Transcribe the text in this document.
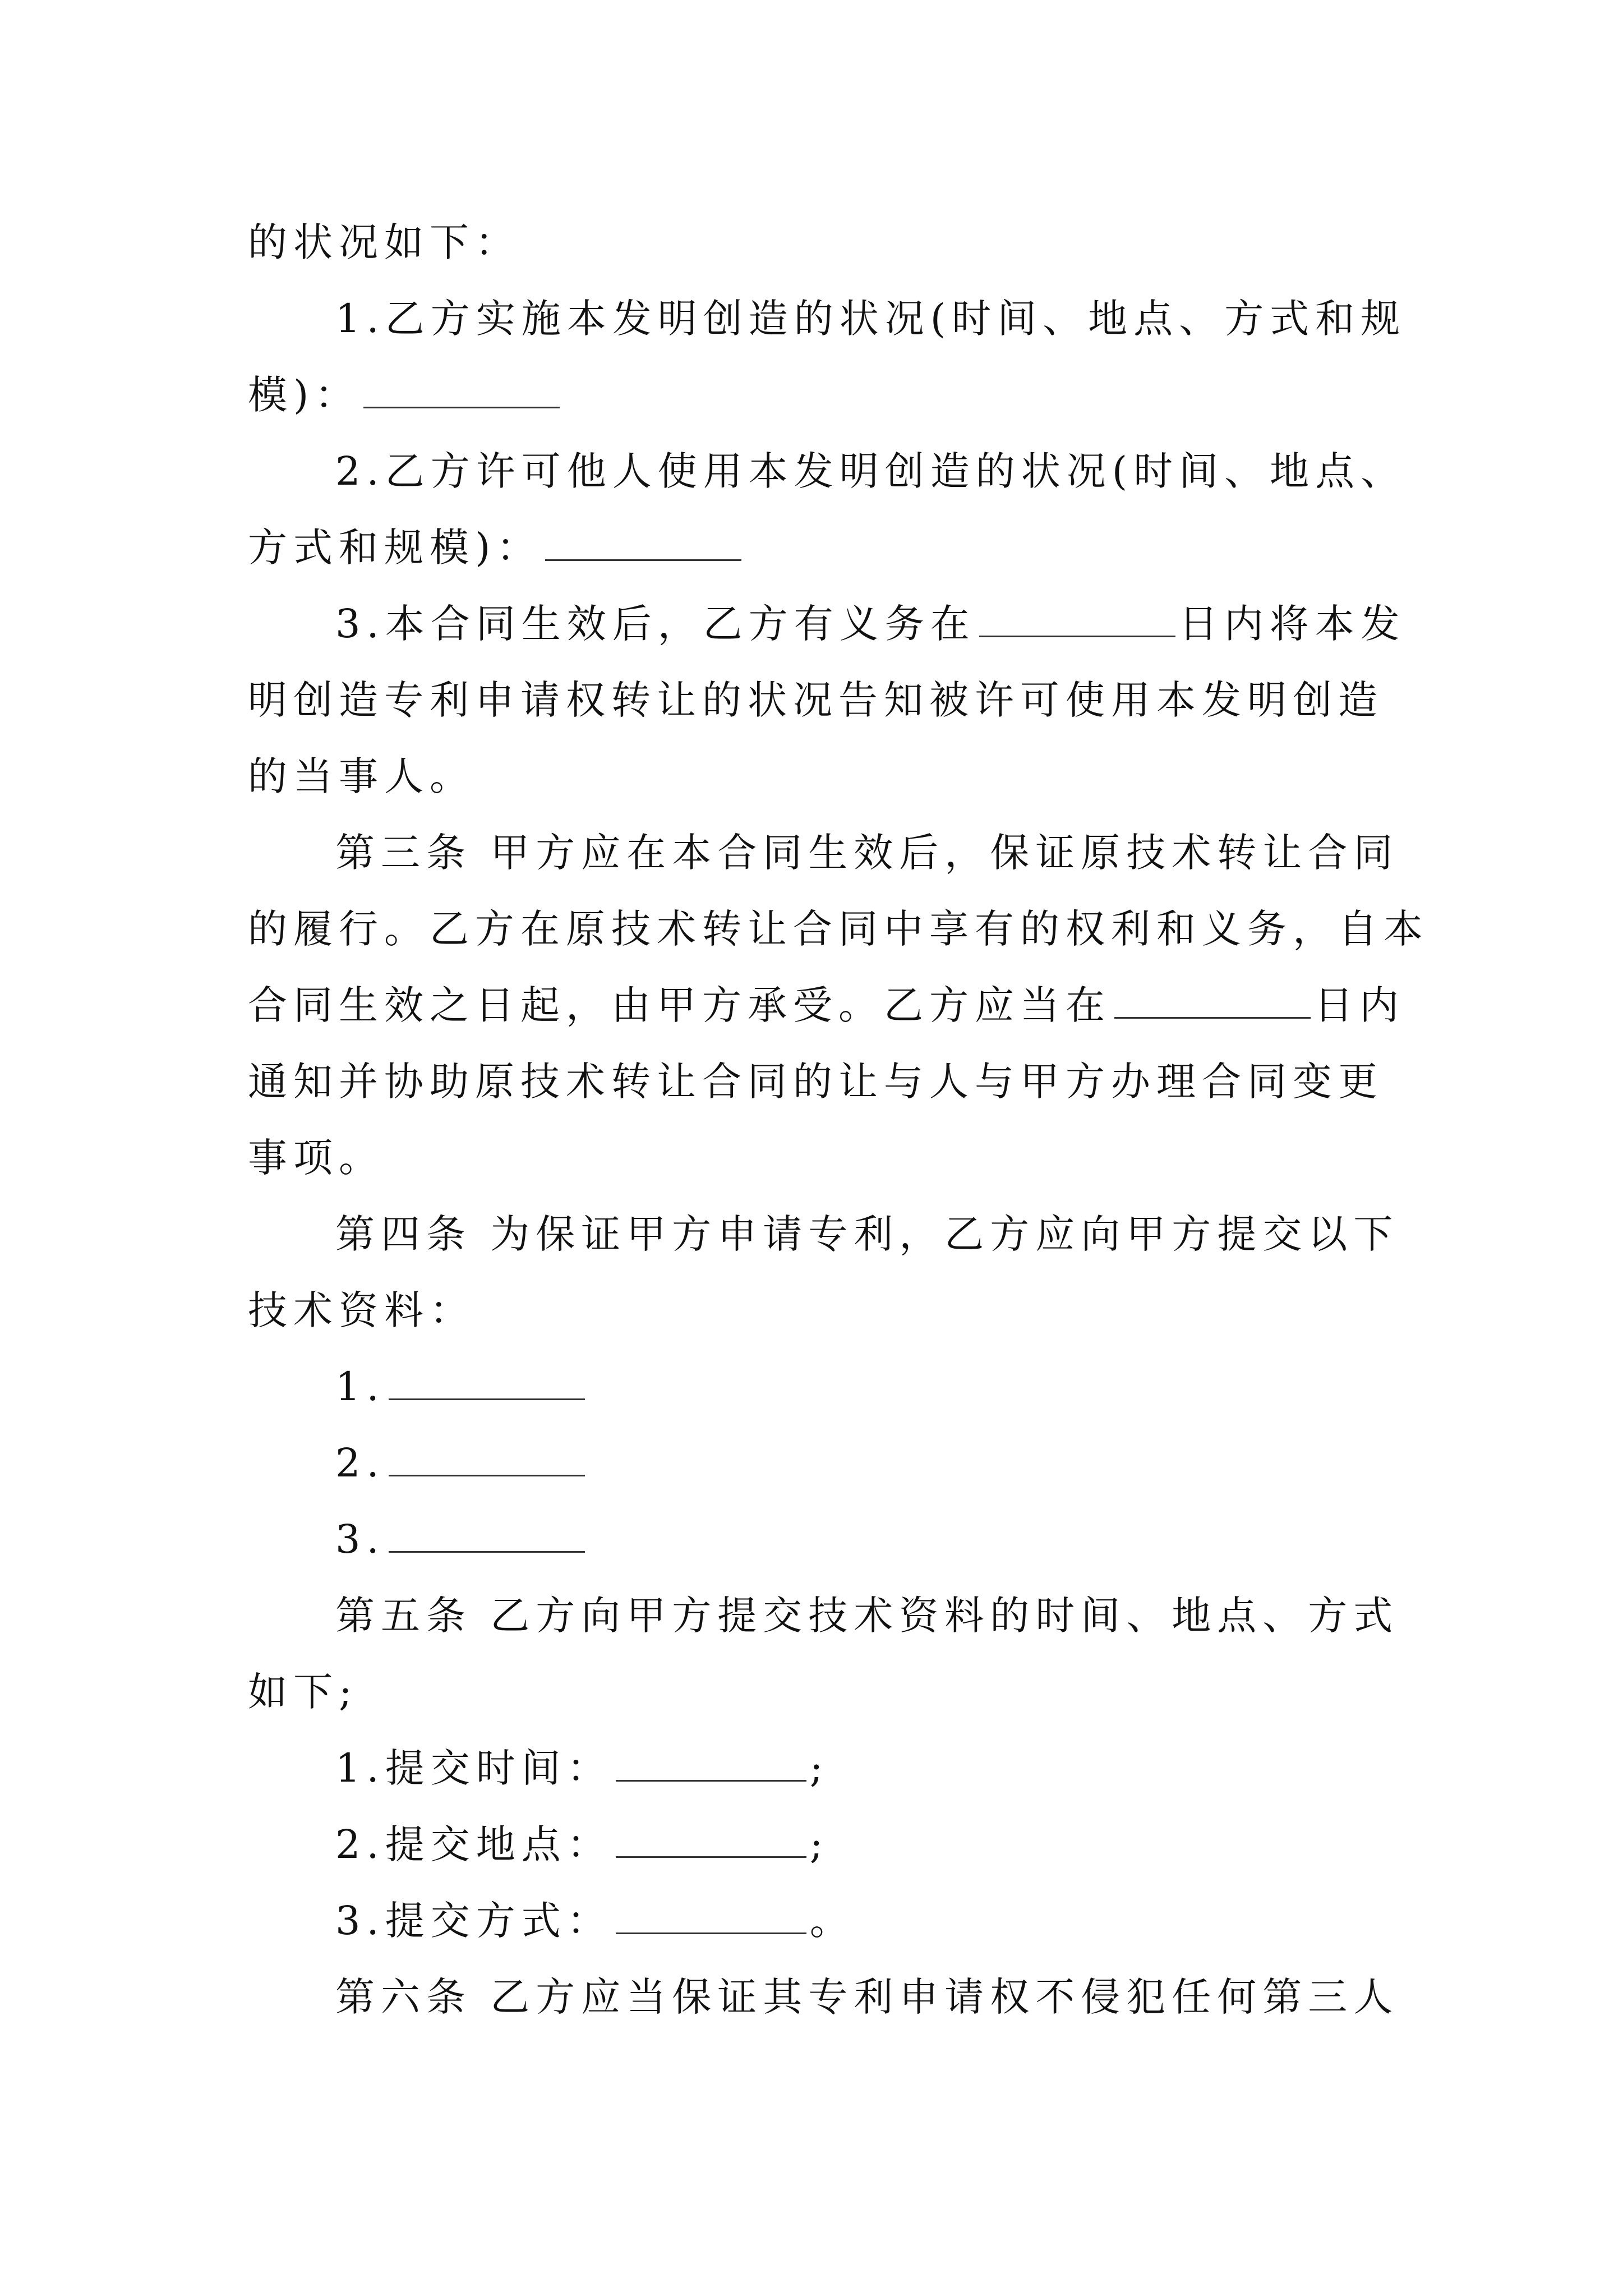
的状况如下：
1.乙方实施本发明创造的状况(时间、地点、方式和规
模)：
2.乙方许可他人使用本发明创造的状况(时间、地点、
方式和规模)：
3.本合同生效后，乙方有义务在	日内将本发
明创造专利申请权转让的状况告知被许可使用本发明创造
的当事人。
第三条 甲方应在本合同生效后，保证原技术转让合同
的履行。乙方在原技术转让合同中享有的权利和义务，自本
合同生效之日起，由甲方承受。乙方应当在	日内
通知并协助原技术转让合同的让与人与甲方办理合同变更
事项。
第四条 为保证甲方申请专利，乙方应向甲方提交以下
技术资料：
1.
2.
3.
第五条 乙方向甲方提交技术资料的时间、地点、方式
如下;
1.提交时间：	;
2.提交地点：	;
3.提交方式：	。
第六条 乙方应当保证其专利申请权不侵犯任何第三人
